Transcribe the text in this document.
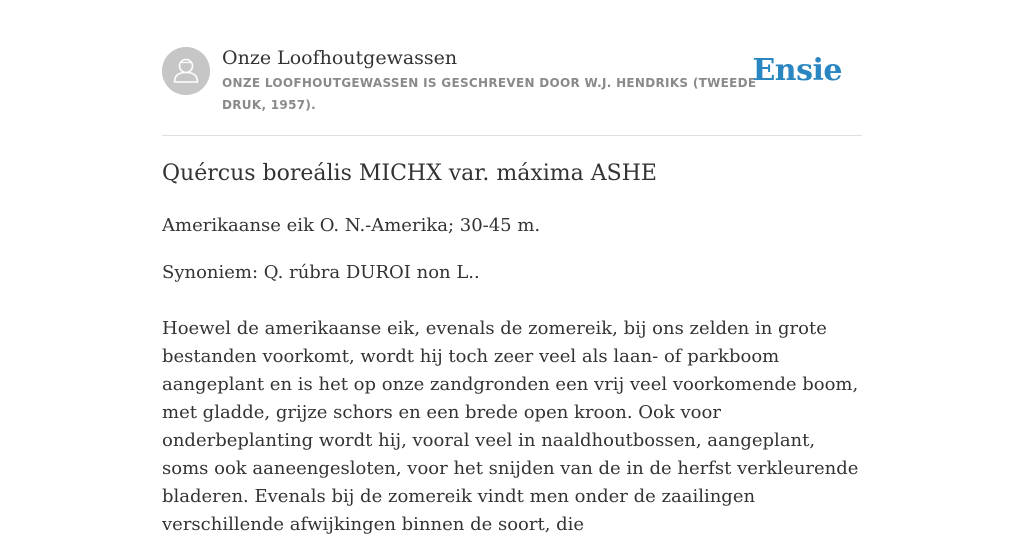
Onze Loofhoutgewassen
ONZE LOOFHOUTGEWASSEN IS GESCHREVEN DOOR W.J. HENDRIKS (TWEEDE DRUK, 1957).
Ensie
Quércus boreális MICHX var. máxima ASHE

Amerikaanse eik O. N.-Amerika; 30-45 m.

Synoniem: Q. rúbra DUROI non L..

Hoewel de amerikaanse eik, evenals de zomereik, bij ons zelden in grote bestanden voorkomt, wordt hij toch zeer veel als laan- of parkboom aangeplant en is het op onze zandgronden een vrij veel voorkomende boom, met gladde, grijze schors en een brede open kroon. Ook voor onderbeplanting wordt hij, vooral veel in naaldhoutbossen, aangeplant, soms ook aaneengesloten, voor het snijden van de in de herfst verkleurende bladeren. Evenals bij de zomereik vindt men onder de zaailingen verschillende afwijkingen binnen de soort, die
